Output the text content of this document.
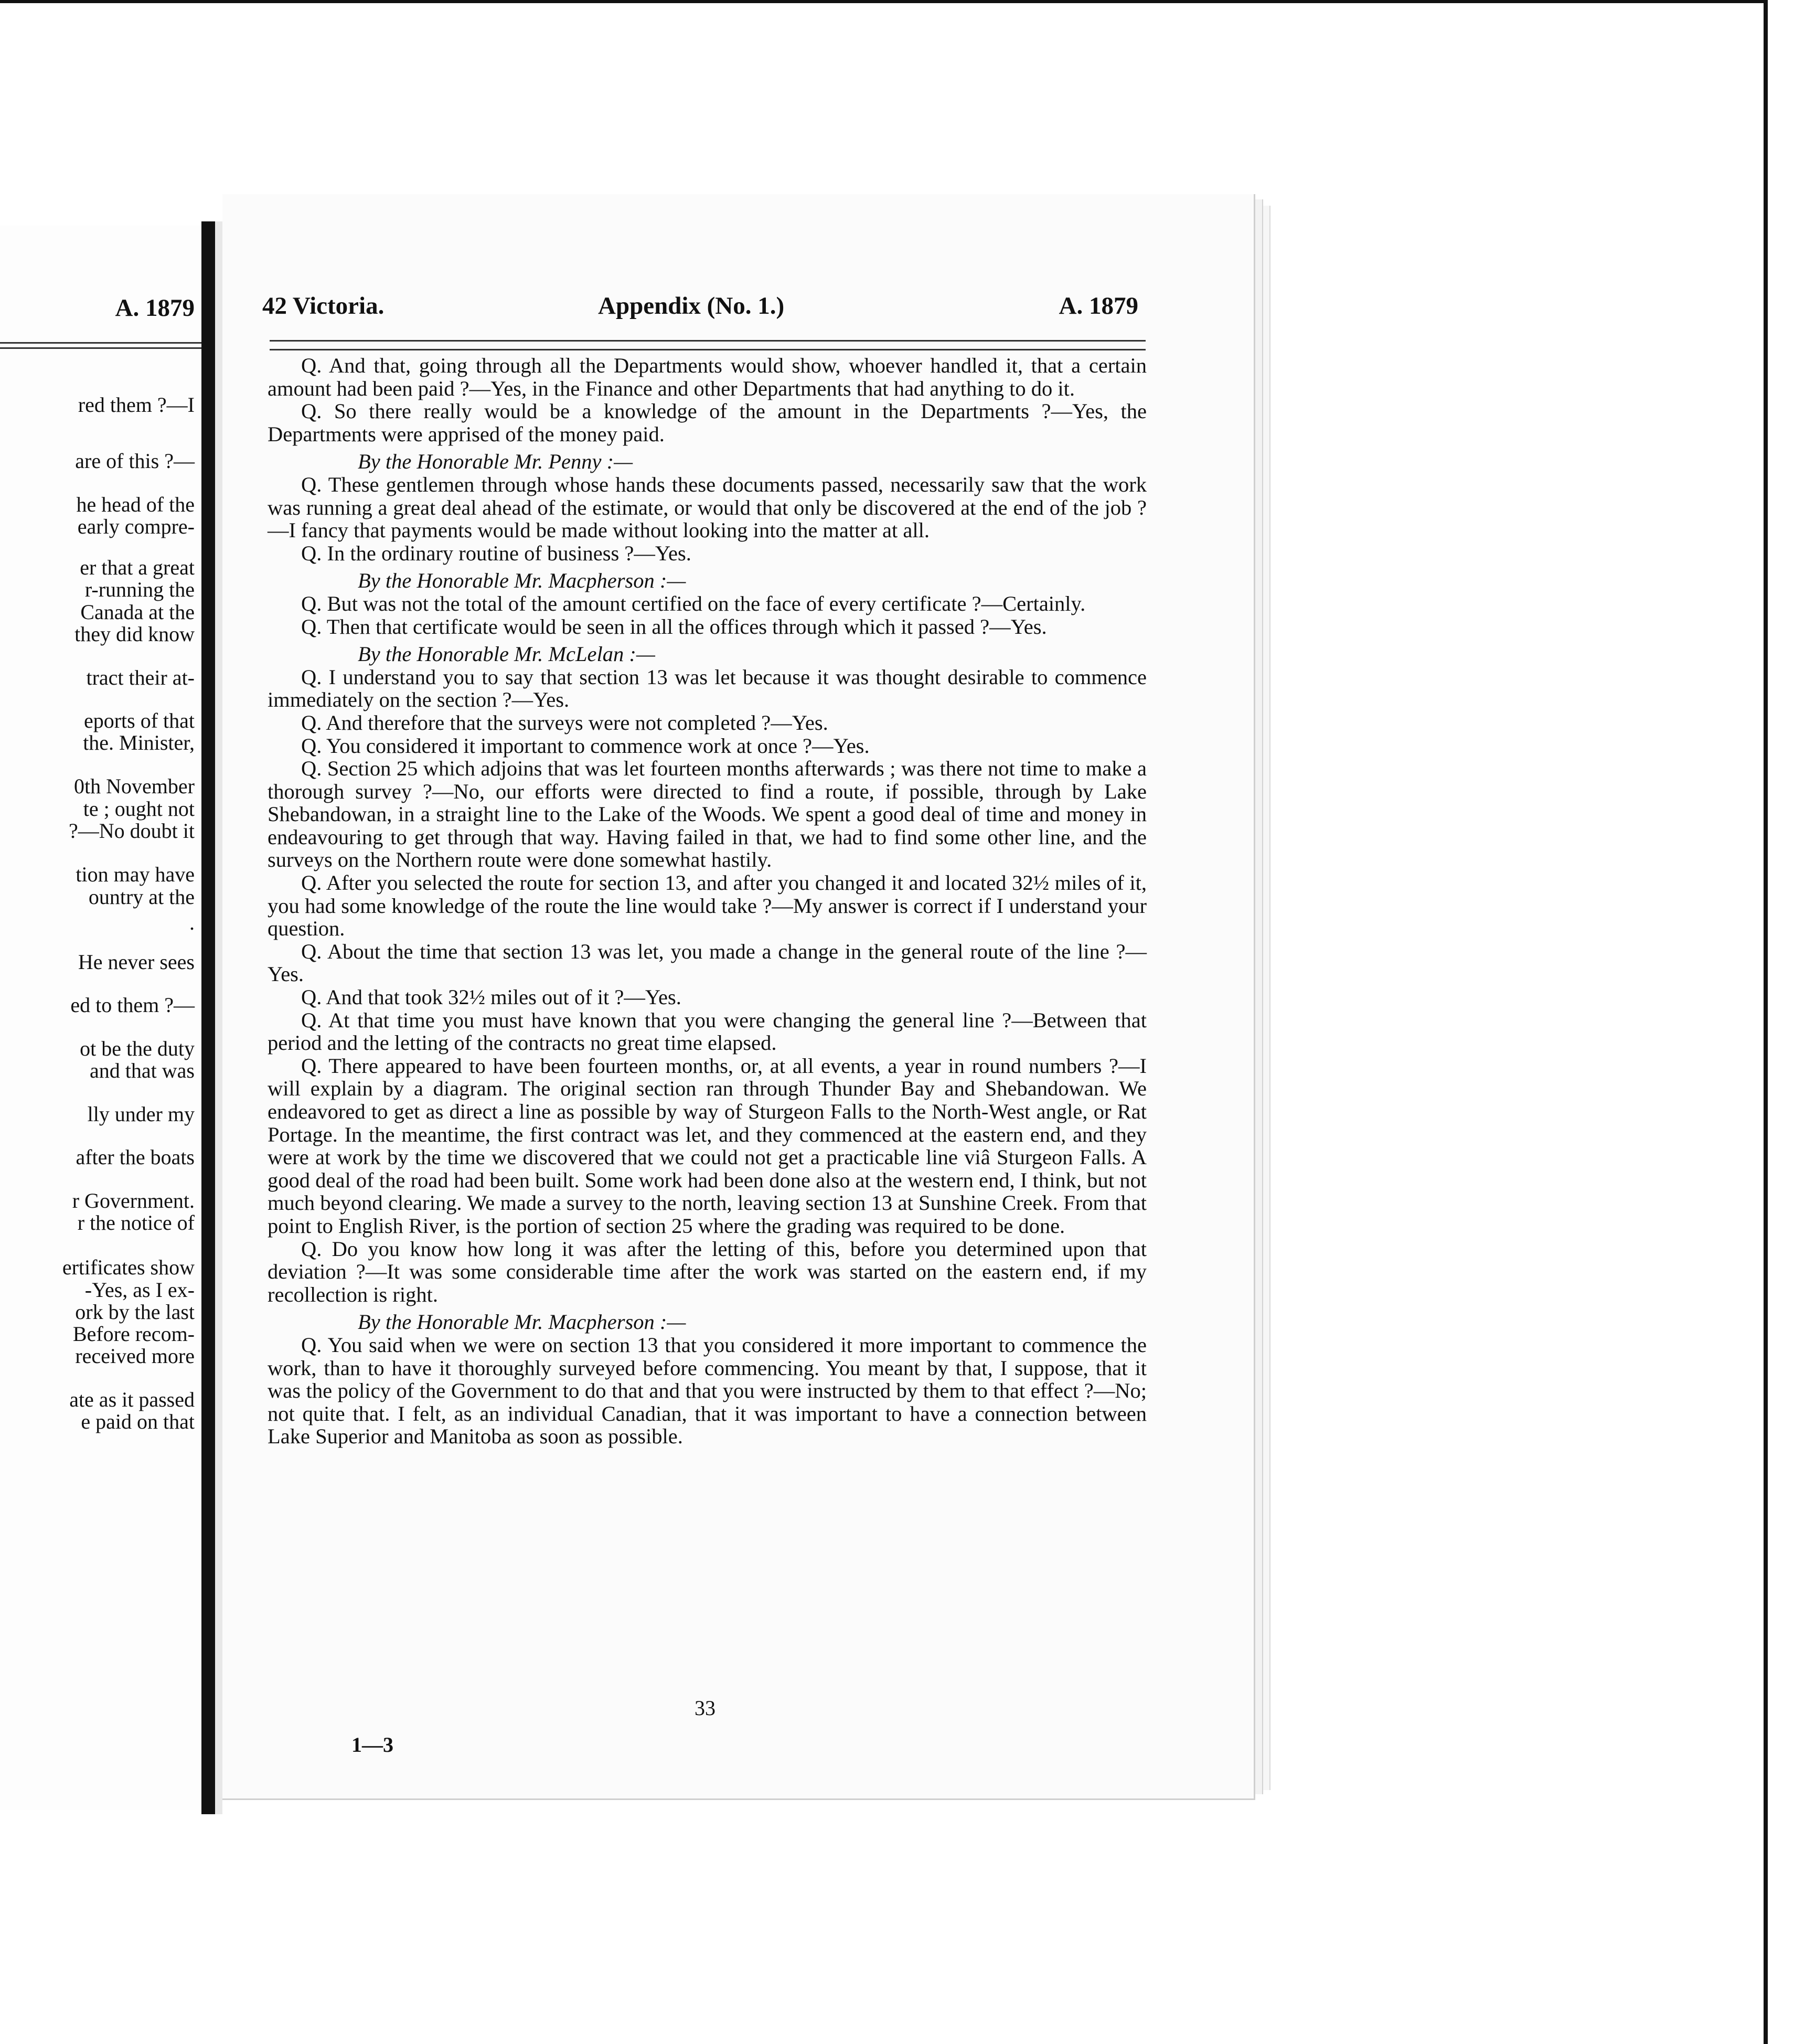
A. 1879
red them ?—I
are of this ?—
he head of the
early compre-
er that a great
r-running the
Canada at the
they did know
tract their at-
eports of that
the. Minister,
0th November
te ; ought not
?—No doubt it
tion may have
ountry at the
.
He never sees
ed to them ?—
ot be the duty
and that was
lly under my
after the boats
r Government.
r the notice of
ertificates show
-Yes, as I ex-
ork by the last
Before recom-
received more
ate as it passed
e paid on that
42 Victoria.	Appendix (No. 1.)	A. 1879

Q. And that, going through all the Departments would show, whoever handled it, that a certain amount had been paid ?—Yes, in the Finance and other Departments that had anything to do it.

Q. So there really would be a knowledge of the amount in the Departments ?—Yes, the Departments were apprised of the money paid.

By the Honorable Mr. Penny :—

Q. These gentlemen through whose hands these documents passed, necessarily saw that the work was running a great deal ahead of the estimate, or would that only be discovered at the end of the job ?—I fancy that payments would be made without looking into the matter at all.

Q. In the ordinary routine of business ?—Yes.

By the Honorable Mr. Macpherson :—

Q. But was not the total of the amount certified on the face of every certificate ?—Certainly.

Q. Then that certificate would be seen in all the offices through which it passed ?—Yes.

By the Honorable Mr. McLelan :—

Q. I understand you to say that section 13 was let because it was thought desirable to commence immediately on the section ?—Yes.

Q. And therefore that the surveys were not completed ?—Yes.

Q. You considered it important to commence work at once ?—Yes.

Q. Section 25 which adjoins that was let fourteen months afterwards ; was there not time to make a thorough survey ?—No, our efforts were directed to find a route, if possible, through by Lake Shebandowan, in a straight line to the Lake of the Woods. We spent a good deal of time and money in endeavouring to get through that way. Having failed in that, we had to find some other line, and the surveys on the Northern route were done somewhat hastily.

Q. After you selected the route for section 13, and after you changed it and located 32½ miles of it, you had some knowledge of the route the line would take ?—My answer is correct if I understand your question.

Q. About the time that section 13 was let, you made a change in the general route of the line ?—Yes.

Q. And that took 32½ miles out of it ?—Yes.

Q. At that time you must have known that you were changing the general line ?—Between that period and the letting of the contracts no great time elapsed.

Q. There appeared to have been fourteen months, or, at all events, a year in round numbers ?—I will explain by a diagram. The original section ran through Thunder Bay and Shebandowan. We endeavored to get as direct a line as possible by way of Sturgeon Falls to the North-West angle, or Rat Portage. In the meantime, the first contract was let, and they commenced at the eastern end, and they were at work by the time we discovered that we could not get a practicable line viâ Sturgeon Falls. A good deal of the road had been built. Some work had been done also at the western end, I think, but not much beyond clearing. We made a survey to the north, leaving section 13 at Sunshine Creek. From that point to English River, is the portion of section 25 where the grading was required to be done.

Q. Do you know how long it was after the letting of this, before you determined upon that deviation ?—It was some considerable time after the work was started on the eastern end, if my recollection is right.

By the Honorable Mr. Macpherson :—

Q. You said when we were on section 13 that you considered it more important to commence the work, than to have it thoroughly surveyed before commencing. You meant by that, I suppose, that it was the policy of the Government to do that and that you were instructed by them to that effect ?—No; not quite that. I felt, as an individual Canadian, that it was important to have a connection between Lake Superior and Manitoba as soon as possible.

33
1—3
